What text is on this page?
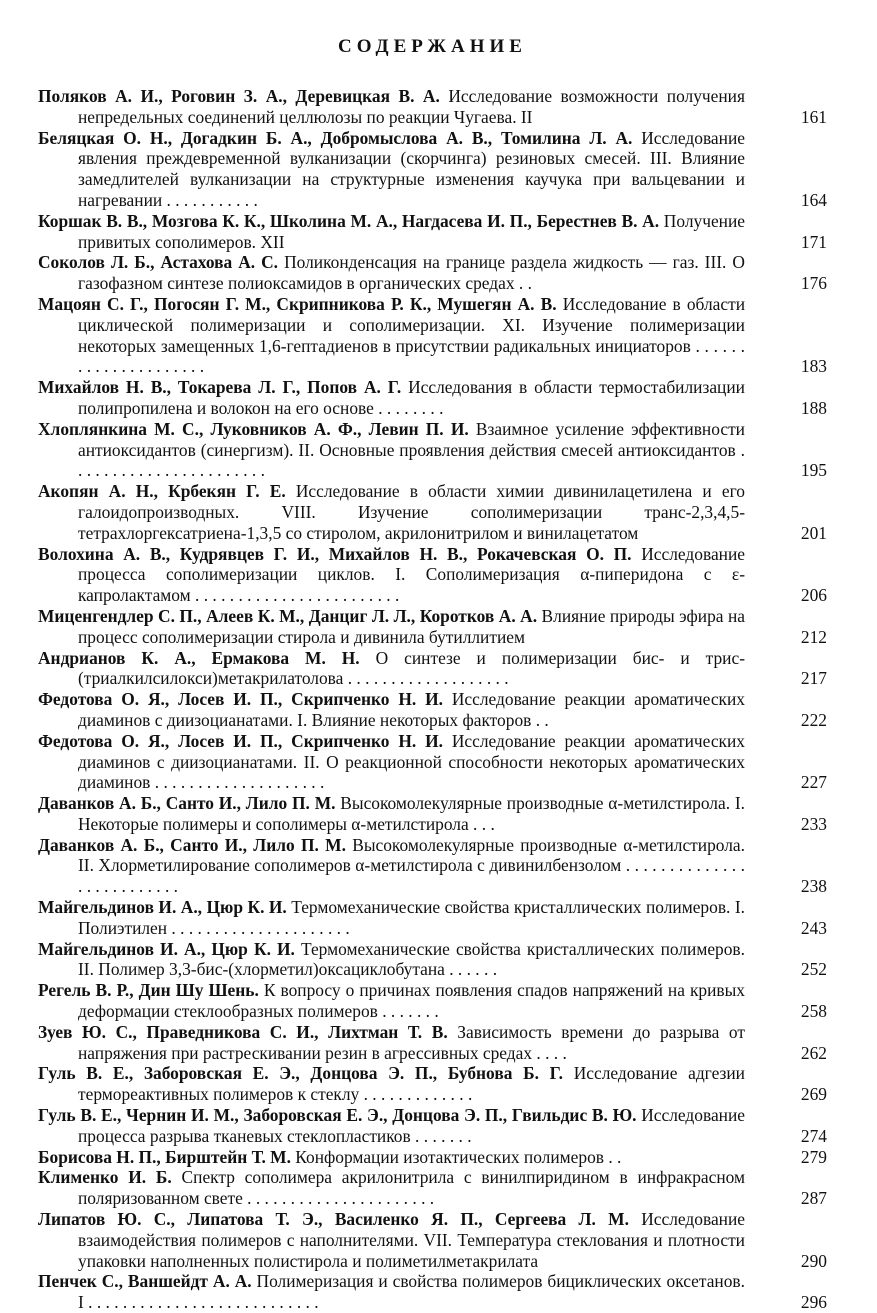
СОДЕРЖАНИЕ

Поляков А. И., Роговин З. А., Деревицкая В. А. Исследование возможности получения непредельных соединений целлюлозы по реакции Чугаева. II	161

Беляцкая О. Н., Догадкин Б. А., Добромыслова А. В., Томилина Л. А. Исследование явления преждевременной вулканизации (скорчинга) резиновых смесей. III. Влияние замедлителей вулканизации на структурные изменения каучука при вальцевании и нагревании . . . . . . . . . . .	164

Коршак В. В., Мозгова К. К., Школина М. А., Нагдасева И. П., Берестнев В. А. Получение привитых сополимеров. XII	171

Соколов Л. Б., Астахова А. С. Поликонденсация на границе раздела жидкость — газ. III. О газофазном синтезе полиоксамидов в органических средах . .	176

Мацоян С. Г., Погосян Г. М., Скрипникова Р. К., Мушегян А. В. Исследование в области циклической полимеризации и сополимеризации. XI. Изучение полимеризации некоторых замещенных 1,6-гептадиенов в присутствии радикальных инициаторов . . . . . . . . . . . . . . . . . . . . .	183

Михайлов Н. В., Токарева Л. Г., Попов А. Г. Исследования в области термостабилизации полипропилена и волокон на его основе . . . . . . . .	188

Хлоплянкина М. С., Луковников А. Ф., Левин П. И. Взаимное усиление эффективности антиоксидантов (синергизм). II. Основные проявления действия смесей антиоксидантов . . . . . . . . . . . . . . . . . . . . . . .	195

Акопян А. Н., Крбекян Г. Е. Исследование в области химии дивинилацетилена и его галоидопроизводных. VIII. Изучение сополимеризации транс-2,3,4,5-тетрахлоргексатриена-1,3,5 со стиролом, акрилонитрилом и винилацетатом	201

Волохина А. В., Кудрявцев Г. И., Михайлов Н. В., Рокачевская О. П. Исследование процесса сополимеризации циклов. I. Сополимеризация α-пиперидона с ε-капролактамом . . . . . . . . . . . . . . . . . . . . . . . .	206

Миценгендлер С. П., Алеев К. М., Данциг Л. Л., Коротков А. А. Влияние природы эфира на процесс сополимеризации стирола и дивинила бутиллитием	212

Андрианов К. А., Ермакова М. Н. О синтезе и полимеризации бис- и трис-(триалкилсилокси)метакрилатолова . . . . . . . . . . . . . . . . . . .	217

Федотова О. Я., Лосев И. П., Скрипченко Н. И. Исследование реакции ароматических диаминов с диизоцианатами. I. Влияние некоторых факторов . .	222

Федотова О. Я., Лосев И. П., Скрипченко Н. И. Исследование реакции ароматических диаминов с диизоцианатами. II. О реакционной способности некоторых ароматических диаминов . . . . . . . . . . . . . . . . . . . .	227

Даванков А. Б., Санто И., Лило П. М. Высокомолекулярные производные α-метилстирола. I. Некоторые полимеры и сополимеры α-метилстирола . . .	233

Даванков А. Б., Санто И., Лило П. М. Высокомолекулярные производные α-метилстирола. II. Хлорметилирование сополимеров α-метилстирола с дивинилбензолом . . . . . . . . . . . . . . . . . . . . . . . . . .	238

Майгельдинов И. А., Цюр К. И. Термомеханические свойства кристаллических полимеров. I. Полиэтилен . . . . . . . . . . . . . . . . . . . . .	243

Майгельдинов И. А., Цюр К. И. Термомеханические свойства кристаллических полимеров. II. Полимер 3,3-бис-(хлорметил)оксациклобутана . . . . . .	252

Регель В. Р., Дин Шу Шень. К вопросу о причинах появления спадов напряжений на кривых деформации стеклообразных полимеров . . . . . . .	258

Зуев Ю. С., Праведникова С. И., Лихтман Т. В. Зависимость времени до разрыва от напряжения при растрескивании резин в агрессивных средах . . . .	262

Гуль В. Е., Заборовская Е. Э., Донцова Э. П., Бубнова Б. Г. Исследование адгезии термореактивных полимеров к стеклу . . . . . . . . . . . . .	269

Гуль В. Е., Чернин И. М., Заборовская Е. Э., Донцова Э. П., Гвильдис В. Ю. Исследование процесса разрыва тканевых стеклопластиков . . . . . . .	274

Борисова Н. П., Бирштейн Т. М. Конформации изотактических полимеров . .	279

Клименко И. Б. Спектр сополимера акрилонитрила с винилпиридином в инфракрасном поляризованном свете . . . . . . . . . . . . . . . . . . . . . .	287

Липатов Ю. С., Липатова Т. Э., Василенко Я. П., Сергеева Л. М. Исследование взаимодействия полимеров с наполнителями. VII. Температура стеклования и плотности упаковки наполненных полистирола и полиметилметакрилата	290

Пенчек С., Ваншейдт А. А. Полимеризация и свойства полимеров бициклических оксетанов. I . . . . . . . . . . . . . . . . . . . . . . . . . . .	296
